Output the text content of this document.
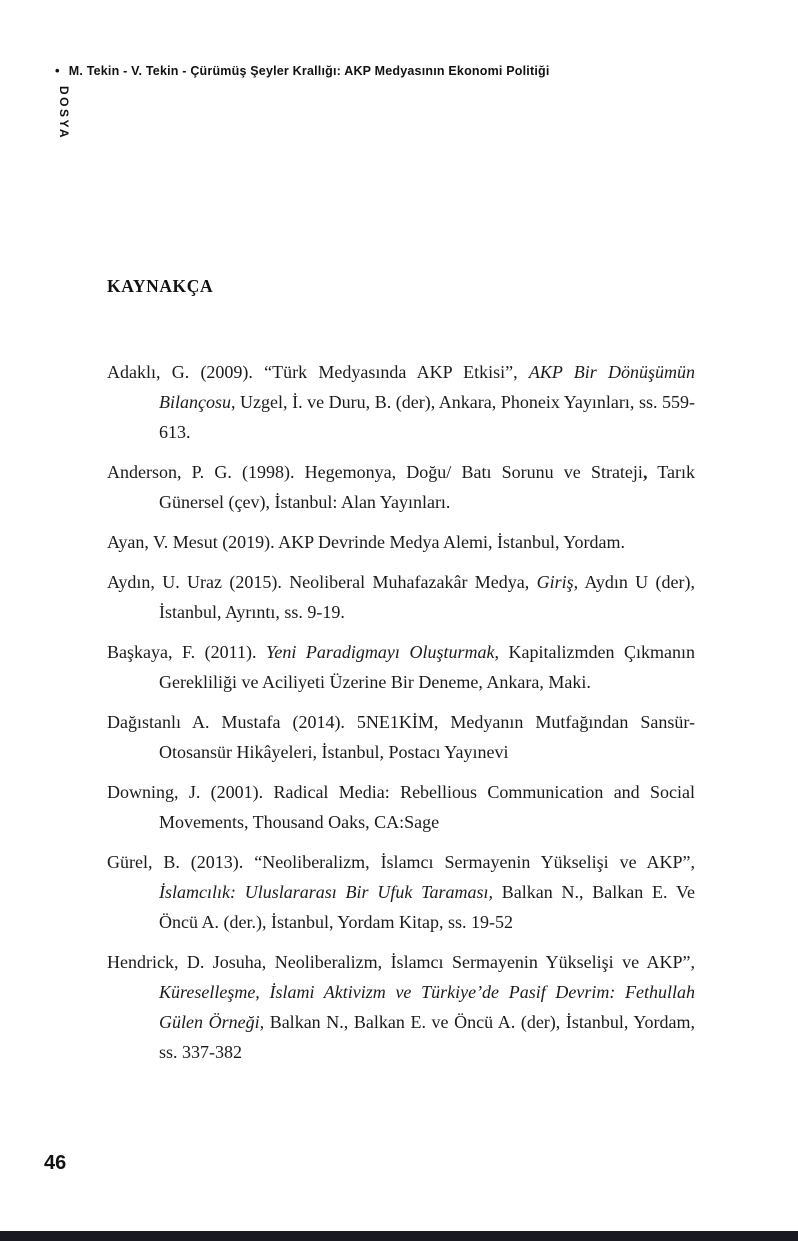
• M. Tekin - V. Tekin - Çürümüş Şeyler Krallığı: AKP Medyasının Ekonomi Politiği
DOSYA
KAYNAKÇA

Adaklı, G. (2009). “Türk Medyasında AKP Etkisi”, AKP Bir Dönüşümün Bilançosu, Uzgel, İ. ve Duru, B. (der), Ankara, Phoneix Yayınları, ss. 559-613.

Anderson, P. G. (1998). Hegemonya, Doğu/ Batı Sorunu ve Strateji, Tarık Günersel (çev), İstanbul: Alan Yayınları.

Ayan, V. Mesut (2019). AKP Devrinde Medya Alemi, İstanbul, Yordam.

Aydın, U. Uraz (2015). Neoliberal Muhafazakâr Medya, Giriş, Aydın U (der), İstanbul, Ayrıntı, ss. 9-19.

Başkaya, F. (2011). Yeni Paradigmayı Oluşturmak, Kapitalizmden Çıkmanın Gerekliliği ve Aciliyeti Üzerine Bir Deneme, Ankara, Maki.

Dağıstanlı A. Mustafa (2014). 5NE1KİM, Medyanın Mutfağından Sansür-Otosansür Hikâyeleri, İstanbul, Postacı Yayınevi

Downing, J. (2001). Radical Media: Rebellious Communication and Social Movements, Thousand Oaks, CA:Sage

Gürel, B. (2013). “Neoliberalizm, İslamcı Sermayenin Yükselişi ve AKP”, İslamcılık: Uluslararası Bir Ufuk Taraması, Balkan N., Balkan E. Ve Öncü A. (der.), İstanbul, Yordam Kitap, ss. 19-52

Hendrick, D. Josuha, Neoliberalizm, İslamcı Sermayenin Yükselişi ve AKP”, Küreselleşme, İslami Aktivizm ve Türkiye’de Pasif Devrim: Fethullah Gülen Örneği, Balkan N., Balkan E. ve Öncü A. (der), İstanbul, Yordam, ss. 337-382

46
